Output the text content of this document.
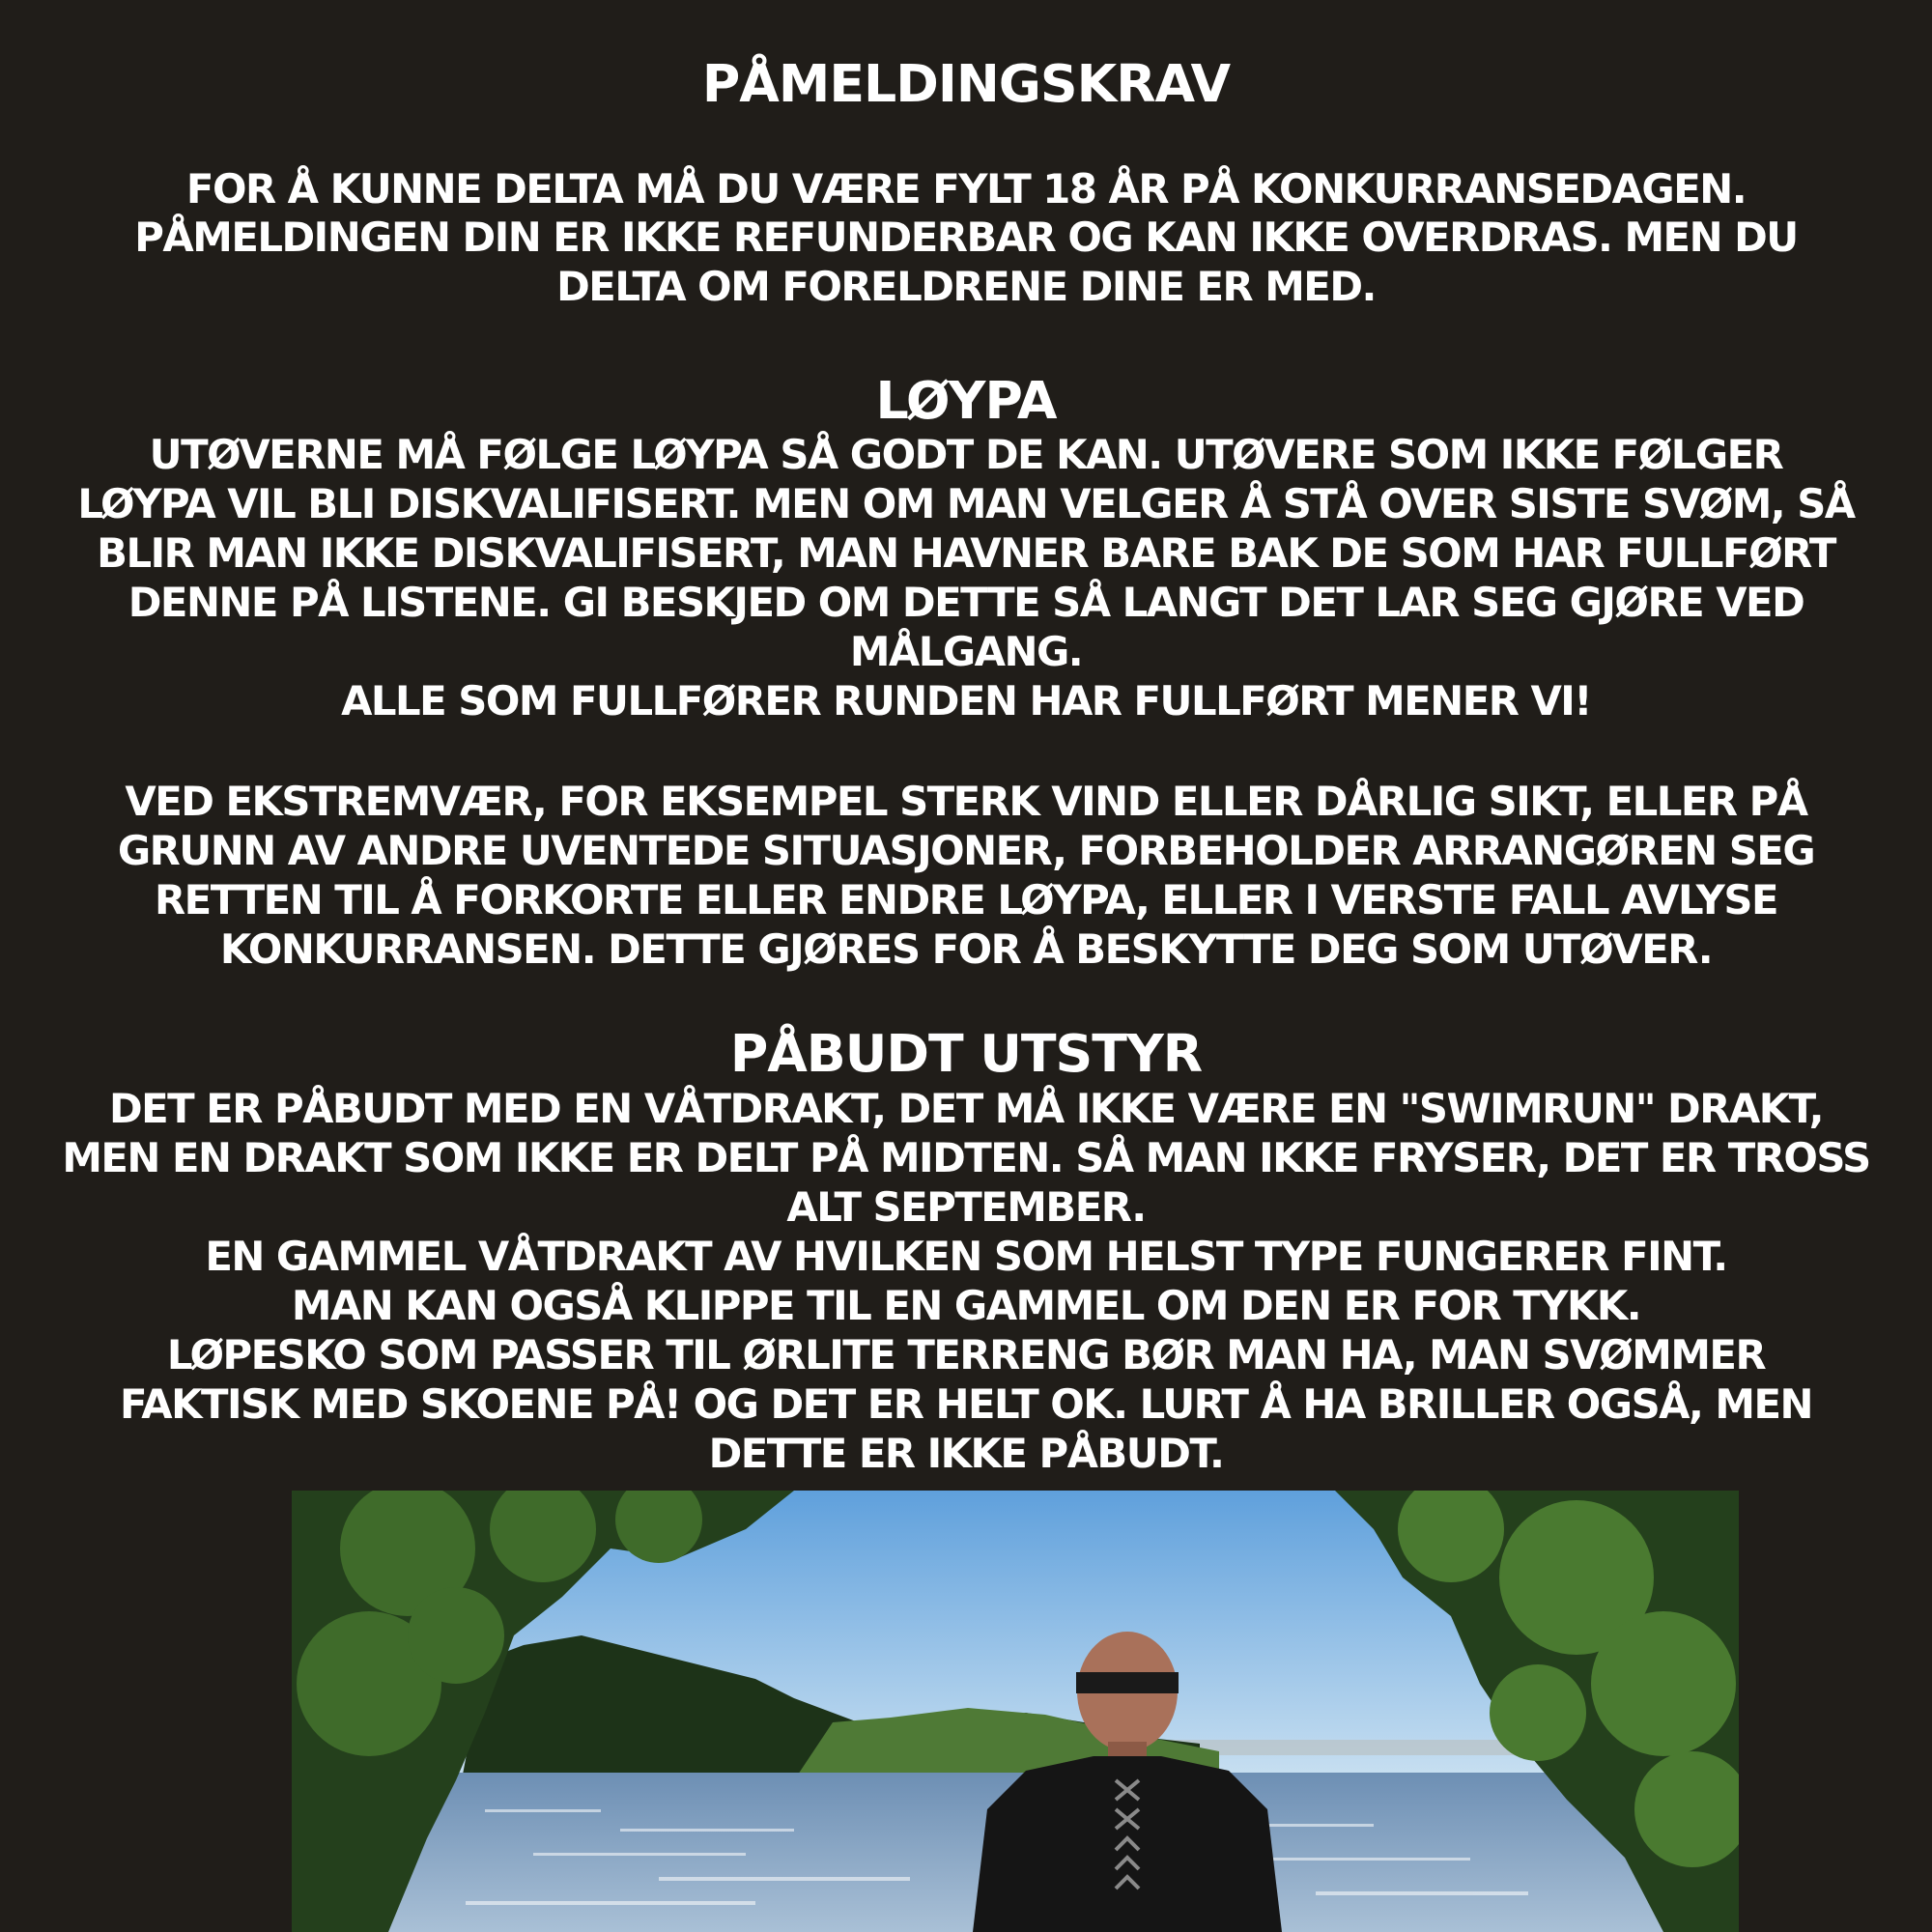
PÅMELDINGSKRAV
FOR Å KUNNE DELTA MÅ DU VÆRE FYLT 18 ÅR PÅ KONKURRANSEDAGEN.
PÅMELDINGEN DIN ER IKKE REFUNDERBAR OG KAN IKKE OVERDRAS. MEN DU
DELTA OM FORELDRENE DINE ER MED.
LØYPA
UTØVERNE MÅ FØLGE LØYPA SÅ GODT DE KAN. UTØVERE SOM IKKE FØLGER
LØYPA VIL BLI DISKVALIFISERT. MEN OM MAN VELGER Å STÅ OVER SISTE SVØM, SÅ
BLIR MAN IKKE DISKVALIFISERT, MAN HAVNER BARE BAK DE SOM HAR FULLFØRT
DENNE PÅ LISTENE. GI BESKJED OM DETTE SÅ LANGT DET LAR SEG GJØRE VED
MÅLGANG.
ALLE SOM FULLFØRER RUNDEN HAR FULLFØRT MENER VI!
VED EKSTREMVÆR, FOR EKSEMPEL STERK VIND ELLER DÅRLIG SIKT, ELLER PÅ
GRUNN AV ANDRE UVENTEDE SITUASJONER, FORBEHOLDER ARRANGØREN SEG
RETTEN TIL Å FORKORTE ELLER ENDRE LØYPA, ELLER I VERSTE FALL AVLYSE
KONKURRANSEN. DETTE GJØRES FOR Å BESKYTTE DEG SOM UTØVER.
PÅBUDT UTSTYR
DET ER PÅBUDT MED EN VÅTDRAKT, DET MÅ IKKE VÆRE EN "SWIMRUN" DRAKT,
MEN EN DRAKT SOM IKKE ER DELT PÅ MIDTEN. SÅ MAN IKKE FRYSER, DET ER TROSS
ALT SEPTEMBER.
EN GAMMEL VÅTDRAKT AV HVILKEN SOM HELST TYPE FUNGERER FINT.
MAN KAN OGSÅ KLIPPE TIL EN GAMMEL OM DEN ER FOR TYKK.
LØPESKO SOM PASSER TIL ØRLITE TERRENG BØR MAN HA, MAN SVØMMER
FAKTISK MED SKOENE PÅ! OG DET ER HELT OK. LURT Å HA BRILLER OGSÅ, MEN
DETTE ER IKKE PÅBUDT.
